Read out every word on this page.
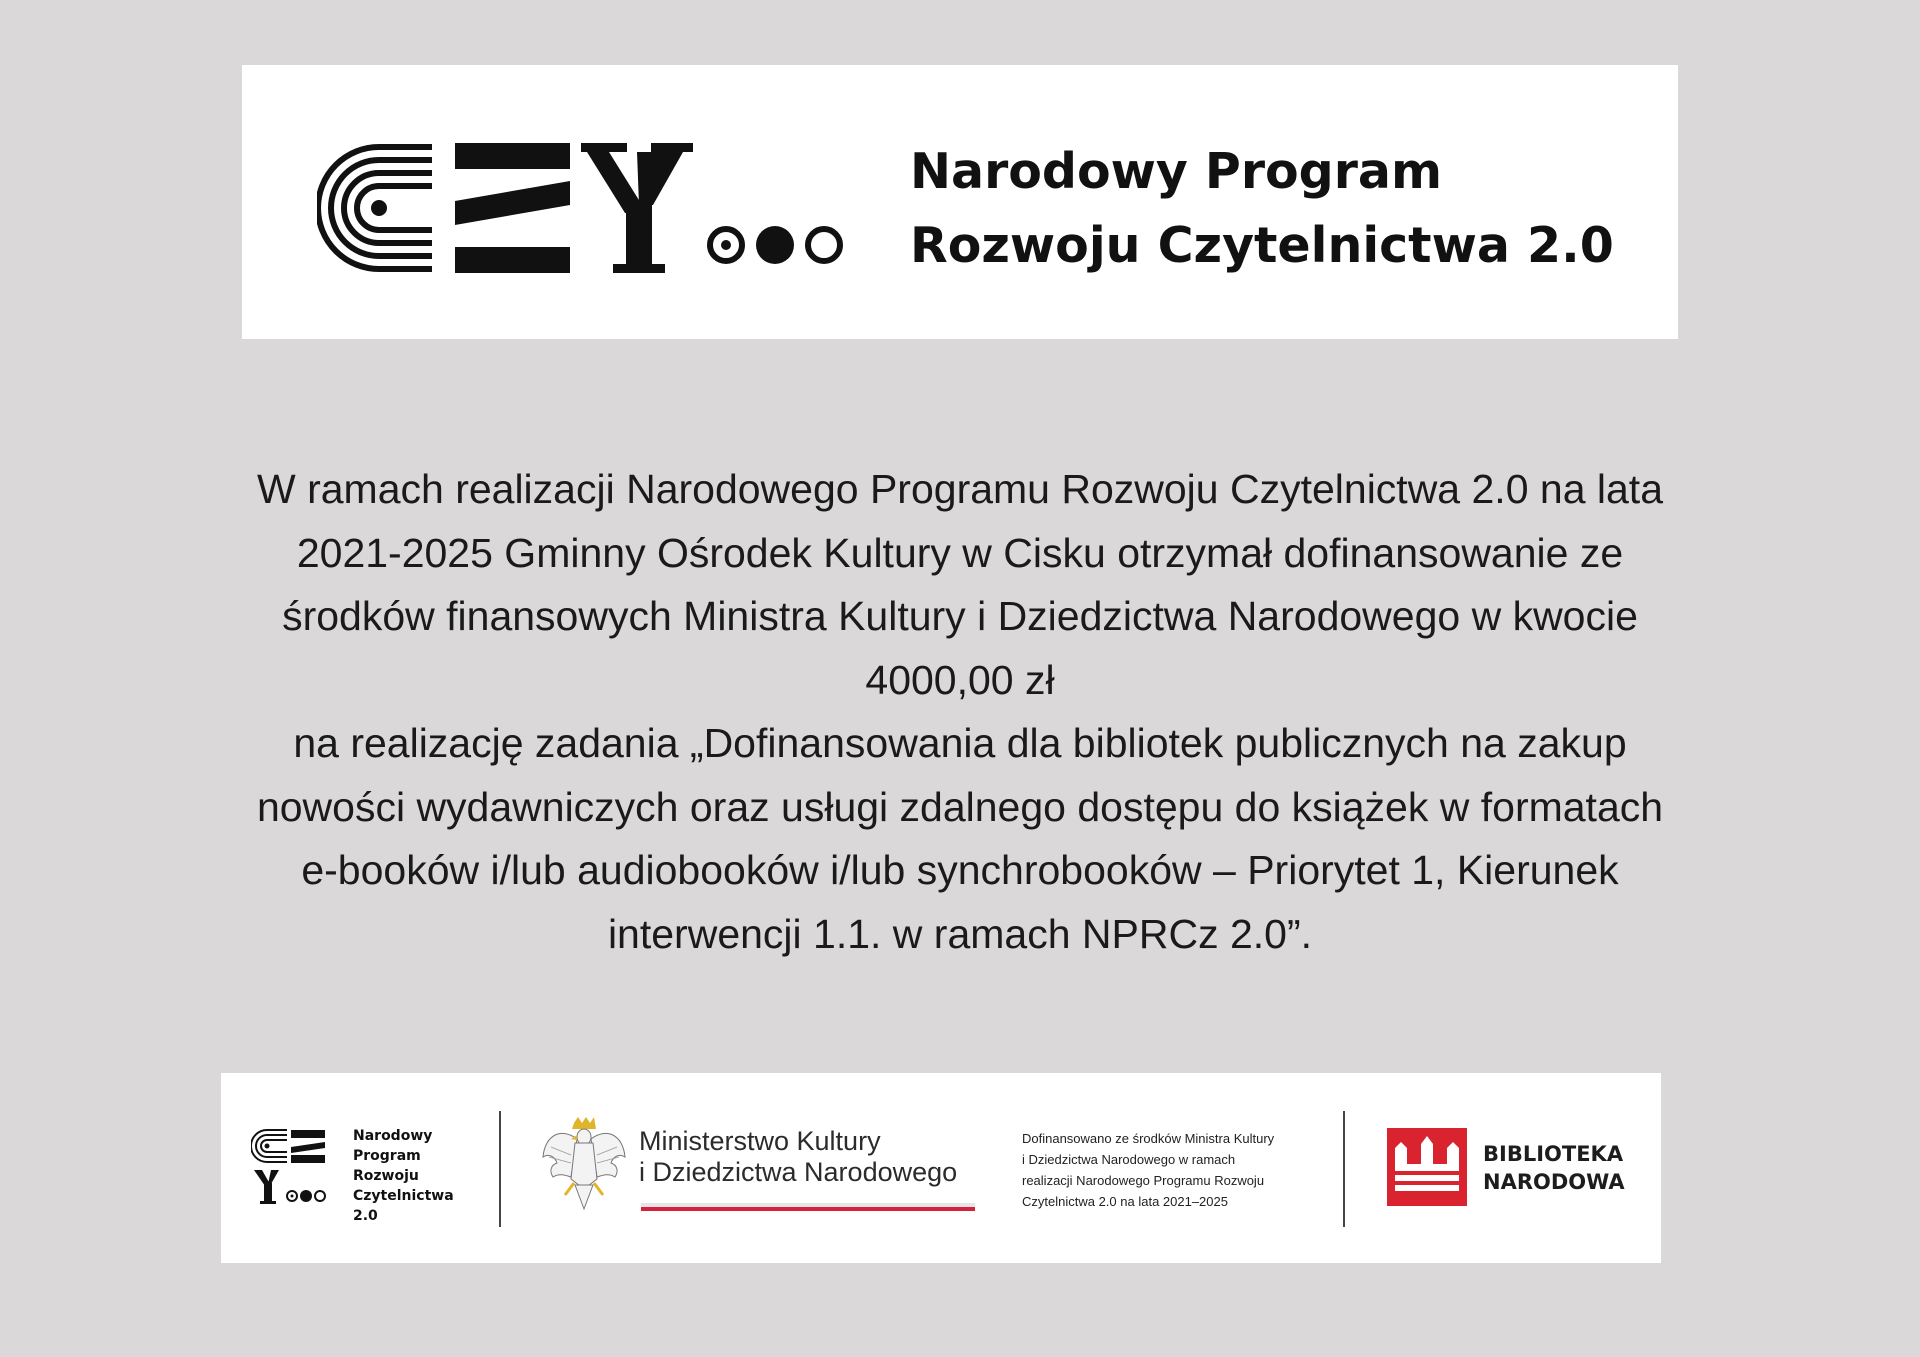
Narodowy Program
Rozwoju Czytelnictwa 2.0
W ramach realizacji Narodowego Programu Rozwoju Czytelnictwa 2.0 na lata
2021-2025 Gminny Ośrodek Kultury w Cisku otrzymał dofinansowanie ze
środków finansowych Ministra Kultury i Dziedzictwa Narodowego w kwocie
4000,00 zł
na realizację zadania „Dofinansowania dla bibliotek publicznych na zakup
nowości wydawniczych oraz usługi zdalnego dostępu do książek w formatach
e-booków i/lub audiobooków i/lub synchrobooków – Priorytet 1, Kierunek
interwencji 1.1. w ramach NPRCz 2.0”.
Narodowy
Program
Rozwoju
Czytelnictwa
2.0
Ministerstwo Kultury
i Dziedzictwa Narodowego
Dofinansowano ze środków Ministra Kultury
i Dziedzictwa Narodowego w ramach
realizacji Narodowego Programu Rozwoju
Czytelnictwa 2.0 na lata 2021–2025
BIBLIOTEKA
NARODOWA
